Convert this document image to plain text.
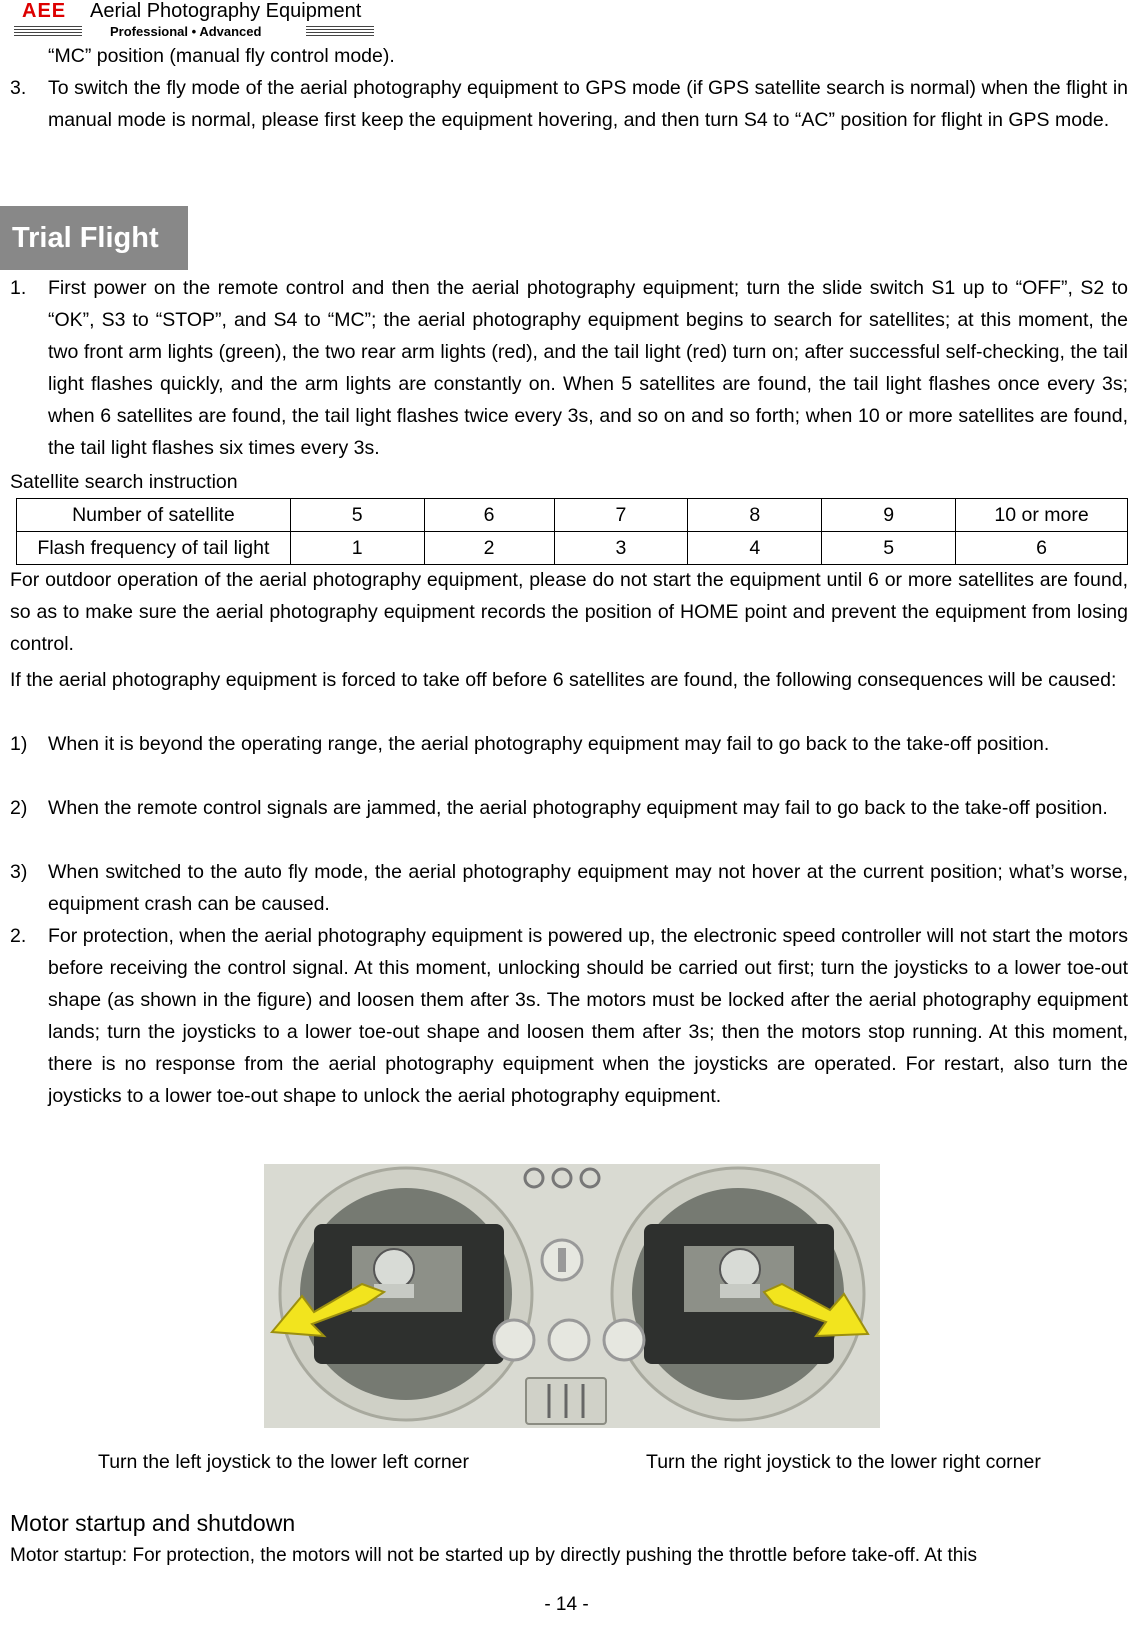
AEE Aerial Photography Equipment
Professional • Advanced
“MC” position (manual fly control mode).
3. To switch the fly mode of the aerial photography equipment to GPS mode (if GPS satellite search is normal) when the flight in manual mode is normal, please first keep the equipment hovering, and then turn S4 to “AC” position for flight in GPS mode.
Trial Flight
1. First power on the remote control and then the aerial photography equipment; turn the slide switch S1 up to “OFF”, S2 to “OK”, S3 to “STOP”, and S4 to “MC”; the aerial photography equipment begins to search for satellites; at this moment, the two front arm lights (green), the two rear arm lights (red), and the tail light (red) turn on; after successful self-checking, the tail light flashes quickly, and the arm lights are constantly on. When 5 satellites are found, the tail light flashes once every 3s; when 6 satellites are found, the tail light flashes twice every 3s, and so on and so forth; when 10 or more satellites are found, the tail light flashes six times every 3s.
Satellite search instruction
Number of satellite	5	6	7	8	9	10 or more
Flash frequency of tail light	1	2	3	4	5	6
For outdoor operation of the aerial photography equipment, please do not start the equipment until 6 or more satellites are found, so as to make sure the aerial photography equipment records the position of HOME point and prevent the equipment from losing control.
If the aerial photography equipment is forced to take off before 6 satellites are found, the following consequences will be caused:
1) When it is beyond the operating range, the aerial photography equipment may fail to go back to the take-off position.
2) When the remote control signals are jammed, the aerial photography equipment may fail to go back to the take-off position.
3) When switched to the auto fly mode, the aerial photography equipment may not hover at the current position; what’s worse, equipment crash can be caused.
2. For protection, when the aerial photography equipment is powered up, the electronic speed controller will not start the motors before receiving the control signal. At this moment, unlocking should be carried out first; turn the joysticks to a lower toe-out shape (as shown in the figure) and loosen them after 3s. The motors must be locked after the aerial photography equipment lands; turn the joysticks to a lower toe-out shape and loosen them after 3s; then the motors stop running. At this moment, there is no response from the aerial photography equipment when the joysticks are operated. For restart, also turn the joysticks to a lower toe-out shape to unlock the aerial photography equipment.
Turn the left joystick to the lower left corner	Turn the right joystick to the lower right corner
Motor startup and shutdown
Motor startup: For protection, the motors will not be started up by directly pushing the throttle before take-off. At this
- 14 -
